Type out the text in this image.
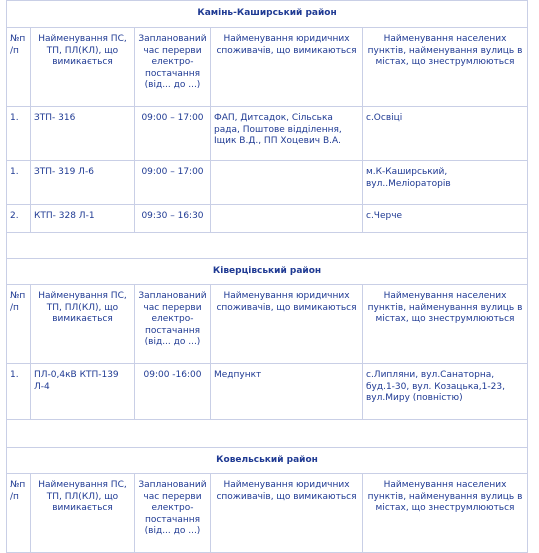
Камінь-Каширський район				
№п/п	Найменування ПС, ТП, ПЛ(КЛ), що вимикається	Запланований час перерви електро-постачання (від... до ...)	Найменування юридичних споживачів, що вимикаються	Найменування населених пунктів, найменування вулиць в містах, що знеструмлюються
1.	ЗТП- 316	09:00 – 17:00	ФАП, Дитсадок, Сільська рада, Поштове відділення, Іщик В.Д., ПП Хоцевич В.А.	с.Освіці
1.	ЗТП- 319 Л-6	09:00 – 17:00		м.К-Каширський, вул..Меліораторів
2.	КТП- 328 Л-1	09:30 – 16:30		с.Черче

Ківерцівський район				
№п/п	Найменування ПС, ТП, ПЛ(КЛ), що вимикається	Запланований час перерви електро-постачання (від... до ...)	Найменування юридичних споживачів, що вимикаються	Найменування населених пунктів, найменування вулиць в містах, що знеструмлюються
1.	ПЛ-0,4кВ КТП-139 Л-4	09:00 -16:00	Медпункт	с.Липляни, вул.Санаторна, буд.1-30, вул. Козацька,1-23, вул.Миру (повністю)

Ковельський район				
№п/п	Найменування ПС, ТП, ПЛ(КЛ), що вимикається	Запланований час перерви електро-постачання (від... до ...)	Найменування юридичних споживачів, що вимикаються	Найменування населених пунктів, найменування вулиць в містах, що знеструмлюються
